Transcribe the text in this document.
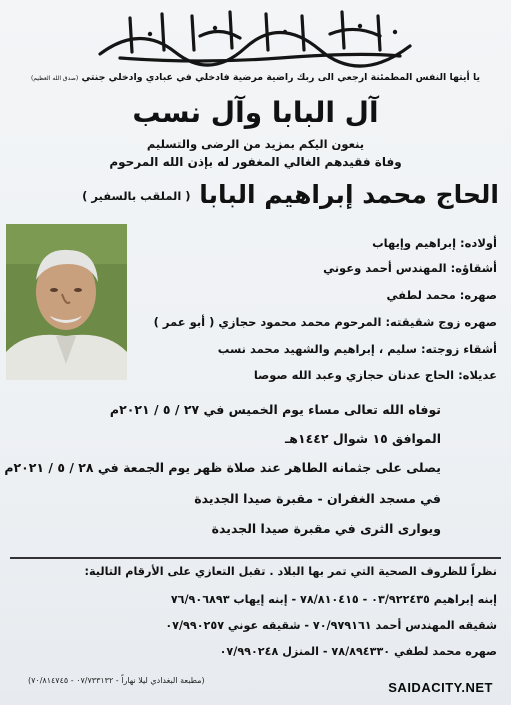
يا أيتها النفس المطمئنة ارجعي الى ربك راضية مرضية فادخلي في عبادي وادخلي جنتي (صدق الله العظيم)
آل البابا وآل نسب
ينعون اليكم بمزيد من الرضى والتسليم
وفاة فقيدهم الغالي المغفور له بإذن الله المرحوم
الحاج محمد إبراهيم البابا ( الملقب بالسفير )
أولاده: إبراهيم وإيهاب
أشقاؤه: المهندس أحمد وعوني
صهره: محمد لطفي
صهره زوج شقيقته: المرحوم محمد محمود حجازي ( أبو عمر )
أشقاء زوجته: سليم ، إبراهيم والشهيد محمد نسب
عديلاه: الحاج عدنان حجازي وعبد الله صوصا
توفاه الله تعالى مساء يوم الخميس في ٢٧ / ٥ / ٢٠٢١م
الموافق ١٥ شوال ١٤٤٢هـ
يصلى على جثمانه الطاهر عند صلاة ظهر يوم الجمعة في ٢٨ / ٥ / ٢٠٢١م
في مسجد الغفران - مقبرة صيدا الجديدة
ويوارى الثرى في مقبرة صيدا الجديدة
نظراً للظروف الصحية التي تمر بها البلاد . تقبل التعازي على الأرقام التالية:
إبنه إبراهيم ٠٣/٩٢٢٤٣٥ - ٧٨/٨١٠٤١٥ - إبنه إيهاب ٧٦/٩٠٦٨٩٣
شقيقه المهندس أحمد ٧٠/٩٧٩١٦١ - شقيقه عوني ٠٧/٩٩٠٢٥٧
صهره محمد لطفي ٧٨/٨٩٤٣٣٠ - المنزل ٠٧/٩٩٠٢٤٨
(مطبعة البغدادي ليلا نهاراً - ٠٧/٧٣٣١٣٢ - ٧٠/٨١٤٧٤٥)	SAIDACITY.NET
